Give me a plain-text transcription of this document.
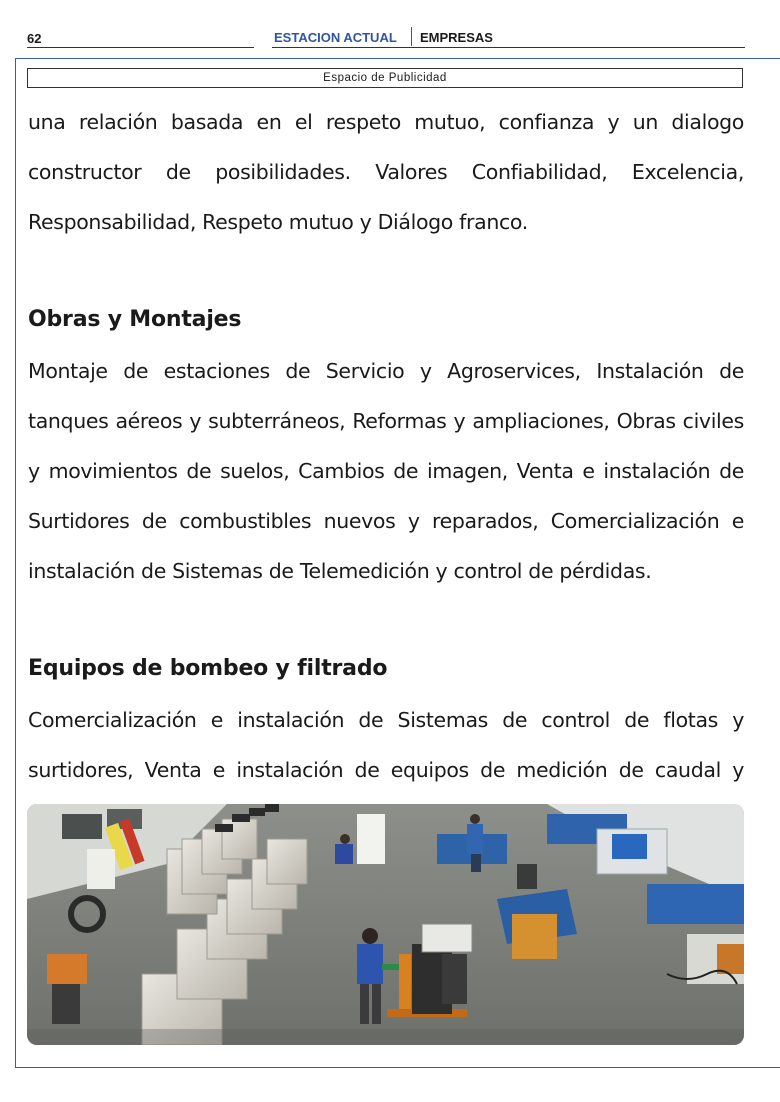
62	ESTACION ACTUAL EMPRESAS
Espacio de Publicidad

una relación basada en el respeto mutuo, confianza y un dialogo constructor de posibilidades. Valores Confiabilidad, Excelencia, Responsabilidad, Respeto mutuo y Diálogo franco.

Obras y Montajes

Montaje de estaciones de Servicio y Agroservices, Instalación de tanques aéreos y subterráneos, Reformas y ampliaciones, Obras civiles y movimientos de suelos, Cambios de imagen, Venta e instalación de Surtidores de combustibles nuevos y reparados, Comercialización e instalación de Sistemas de Telemedición y control de pérdidas.

Equipos de bombeo y filtrado

Comercialización e instalación de Sistemas de control de flotas y surtidores, Venta e instalación de equipos de medición de caudal y
